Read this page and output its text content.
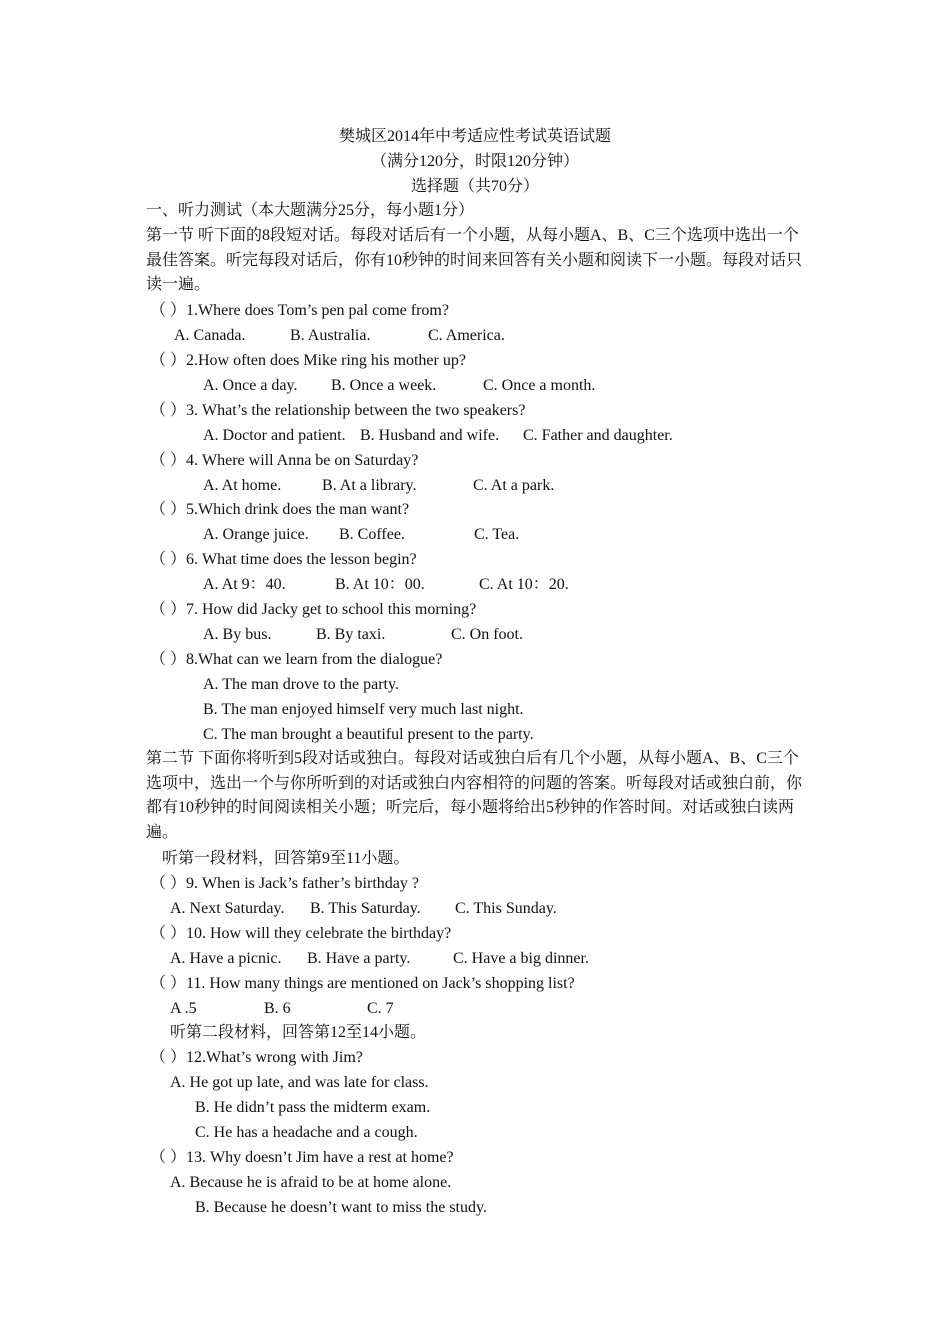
樊城区2014年中考适应性考试英语试题
（满分120分，时限120分钟）
选择题（共70分）
一、听力测试（本大题满分25分，每小题1分）

第一节 听下面的8段短对话。每段对话后有一个小题，从每小题A、B、C三个选项中选出一个最佳答案。听完每段对话后，你有10秒钟的时间来回答有关小题和阅读下一小题。每段对话只读一遍。

（ ）1.Where does Tom’s pen pal come from?
A. Canada.	B. Australia.	C. America.
（ ）2.How often does Mike ring his mother up?
A. Once a day. B. Once a week.	C. Once a month.
（ ）3. What’s the relationship between the two speakers?
A. Doctor and patient. B. Husband and wife. C. Father and daughter.
（ ）4. Where will Anna be on Saturday?
A. At home.	B. At a library.	C. At a park.
（ ）5.Which drink does the man want?
A. Orange juice. B. Coffee.	C. Tea.
（ ）6. What time does the lesson begin?
A. At 9：40.	B. At 10：00.	C. At 10：20.
（ ）7. How did Jacky get to school this morning?
A. By bus.	B. By taxi.	C. On foot.
（ ）8.What can we learn from the dialogue?
A. The man drove to the party.
B. The man enjoyed himself very much last night.
C. The man brought a beautiful present to the party.

第二节 下面你将听到5段对话或独白。每段对话或独白后有几个小题，从每小题A、B、C三个选项中，选出一个与你所听到的对话或独白内容相符的问题的答案。听每段对话或独白前，你都有10秒钟的时间阅读相关小题；听完后，每小题将给出5秒钟的作答时间。对话或独白读两遍。

听第一段材料，回答第9至11小题。
（ ）9. When is Jack’s father’s birthday ?
A. Next Saturday. B. This Saturday. C. This Sunday.
（ ）10. How will they celebrate the birthday?
A. Have a picnic. B. Have a party.	C. Have a big dinner.
（ ）11. How many things are mentioned on Jack’s shopping list?
A .5	B. 6	C. 7
听第二段材料，回答第12至14小题。
（ ）12.What’s wrong with Jim?
A. He got up late, and was late for class.
B. He didn’t pass the midterm exam.
C. He has a headache and a cough.
（ ）13. Why doesn’t Jim have a rest at home?
A. Because he is afraid to be at home alone.
B. Because he doesn’t want to miss the study.
